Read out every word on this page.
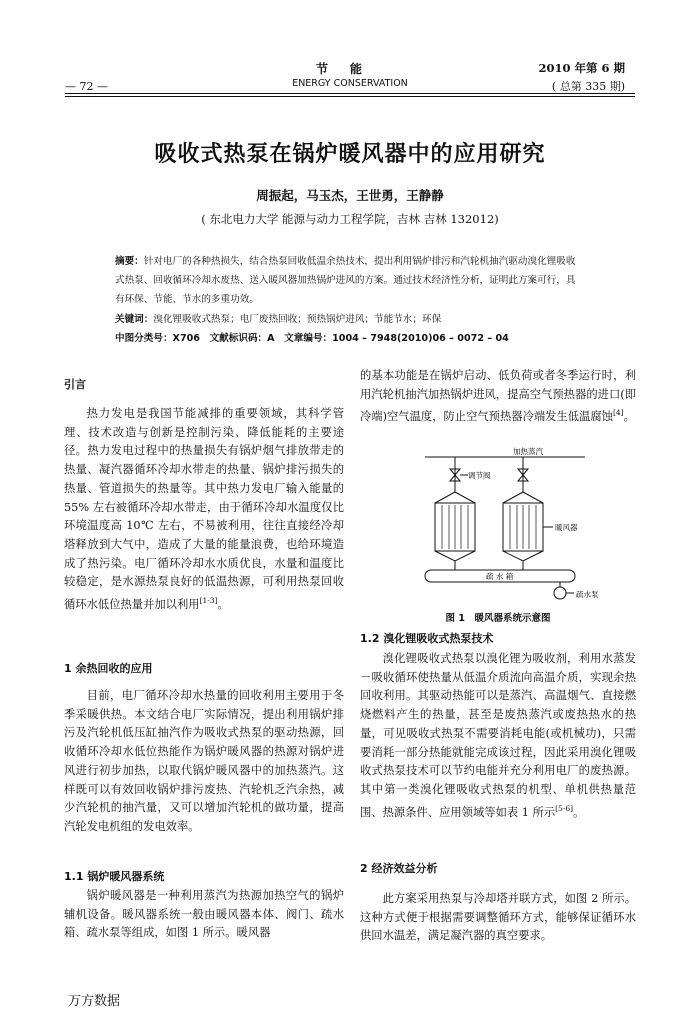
节能
ENERGY CONSERVATION
2010 年第 6 期
( 总第 335 期)
— 72 —
吸收式热泵在锅炉暖风器中的应用研究
周振起，马玉杰，王世勇，王静静
( 东北电力大学 能源与动力工程学院，吉林 吉林 132012)
摘要：针对电厂的各种热损失，结合热泵回收低温余热技术，提出利用锅炉排污和汽轮机抽汽驱动溴化锂吸收式热泵、回收循环冷却水废热、送入暖风器加热锅炉进风的方案。通过技术经济性分析，证明此方案可行，具有环保、节能、节水的多重功效。
关键词：溴化锂吸收式热泵；电厂废热回收；预热锅炉进风；节能节水；环保
中图分类号：X706　文献标识码：A　文章编号：1004 – 7948(2010)06 – 0072 – 04
引言
热力发电是我国节能减排的重要领域，其科学管理、技术改造与创新是控制污染、降低能耗的主要途径。热力发电过程中的热量损失有锅炉烟气排放带走的热量、凝汽器循环冷却水带走的热量、锅炉排污损失的热量、管道损失的热量等。其中热力发电厂输入能量的 55% 左右被循环冷却水带走，由于循环冷却水温度仅比环境温度高 10℃ 左右，不易被利用，往往直接经冷却塔释放到大气中，造成了大量的能量浪费，也给环境造成了热污染。电厂循环冷却水水质优良，水量和温度比较稳定，是水源热泵良好的低温热源，可利用热泵回收循环水低位热量并加以利用[1-3]。
1 余热回收的应用
目前，电厂循环冷却水热量的回收利用主要用于冬季采暖供热。本文结合电厂实际情况，提出利用锅炉排污及汽轮机低压缸抽汽作为吸收式热泵的驱动热源，回收循环冷却水低位热能作为锅炉暖风器的热源对锅炉进风进行初步加热，以取代锅炉暖风器中的加热蒸汽。这样既可以有效回收锅炉排污废热、汽轮机乏汽余热，减少汽轮机的抽汽量，又可以增加汽轮机的做功量，提高汽轮发电机组的发电效率。
1.1 锅炉暖风器系统
锅炉暖风器是一种利用蒸汽为热源加热空气的锅炉辅机设备。暖风器系统一般由暖风器本体、阀门、疏水箱、疏水泵等组成，如图 1 所示。暖风器
的基本功能是在锅炉启动、低负荷或者冬季运行时，利用汽轮机抽汽加热锅炉进风，提高空气预热器的进口(即冷端)空气温度，防止空气预热器冷端发生低温腐蚀[4]。
加热蒸汽
调节阀
暖风器
疏 水 箱
疏水泵
图 1　暖风器系统示意图
1.2 溴化锂吸收式热泵技术
溴化锂吸收式热泵以溴化锂为吸收剂，利用水蒸发－吸收循环使热量从低温介质流向高温介质，实现余热回收利用。其驱动热能可以是蒸汽、高温烟气、直接燃烧燃料产生的热量，甚至是废热蒸汽或废热热水的热量，可见吸收式热泵不需要消耗电能(或机械功)，只需要消耗一部分热能就能完成该过程，因此采用溴化锂吸收式热泵技术可以节约电能并充分利用电厂的废热源。其中第一类溴化锂吸收式热泵的机型、单机供热量范围、热源条件、应用领域等如表 1 所示[5-6]。
2 经济效益分析
此方案采用热泵与冷却塔并联方式，如图 2 所示。这种方式便于根据需要调整循环方式，能够保证循环水供回水温差，满足凝汽器的真空要求。
万方数据
